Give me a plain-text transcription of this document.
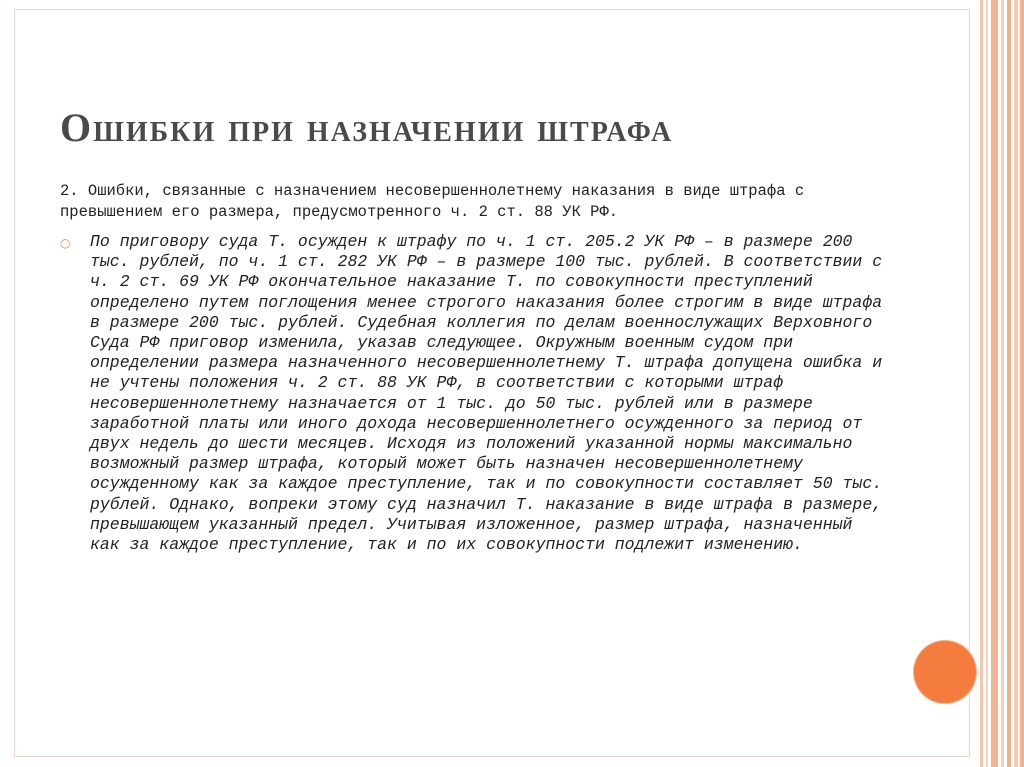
Ошибки при назначении штрафа

2. Ошибки, связанные с назначением несовершеннолетнему наказания в виде штрафа с превышением его размера, предусмотренного ч. 2 ст. 88 УК РФ.

○ По приговору суда Т. осужден к штрафу по ч. 1 ст. 205.2 УК РФ – в размере 200 тыс. рублей, по ч. 1 ст. 282 УК РФ – в размере 100 тыс. рублей. В соответствии с ч. 2 ст. 69 УК РФ окончательное наказание Т. по совокупности преступлений определено путем поглощения менее строгого наказания более строгим в виде штрафа в размере 200 тыс. рублей. Судебная коллегия по делам военнослужащих Верховного Суда РФ приговор изменила, указав следующее. Окружным военным судом при определении размера назначенного несовершеннолетнему Т. штрафа допущена ошибка и не учтены положения ч. 2 ст. 88 УК РФ, в соответствии с которыми штраф несовершеннолетнему назначается от 1 тыс. до 50 тыс. рублей или в размере заработной платы или иного дохода несовершеннолетнего осужденного за период от двух недель до шести месяцев. Исходя из положений указанной нормы максимально возможный размер штрафа, который может быть назначен несовершеннолетнему осужденному как за каждое преступление, так и по совокупности составляет 50 тыс. рублей. Однако, вопреки этому суд назначил Т. наказание в виде штрафа в размере, превышающем указанный предел. Учитывая изложенное, размер штрафа, назначенный как за каждое преступление, так и по их совокупности подлежит изменению.
